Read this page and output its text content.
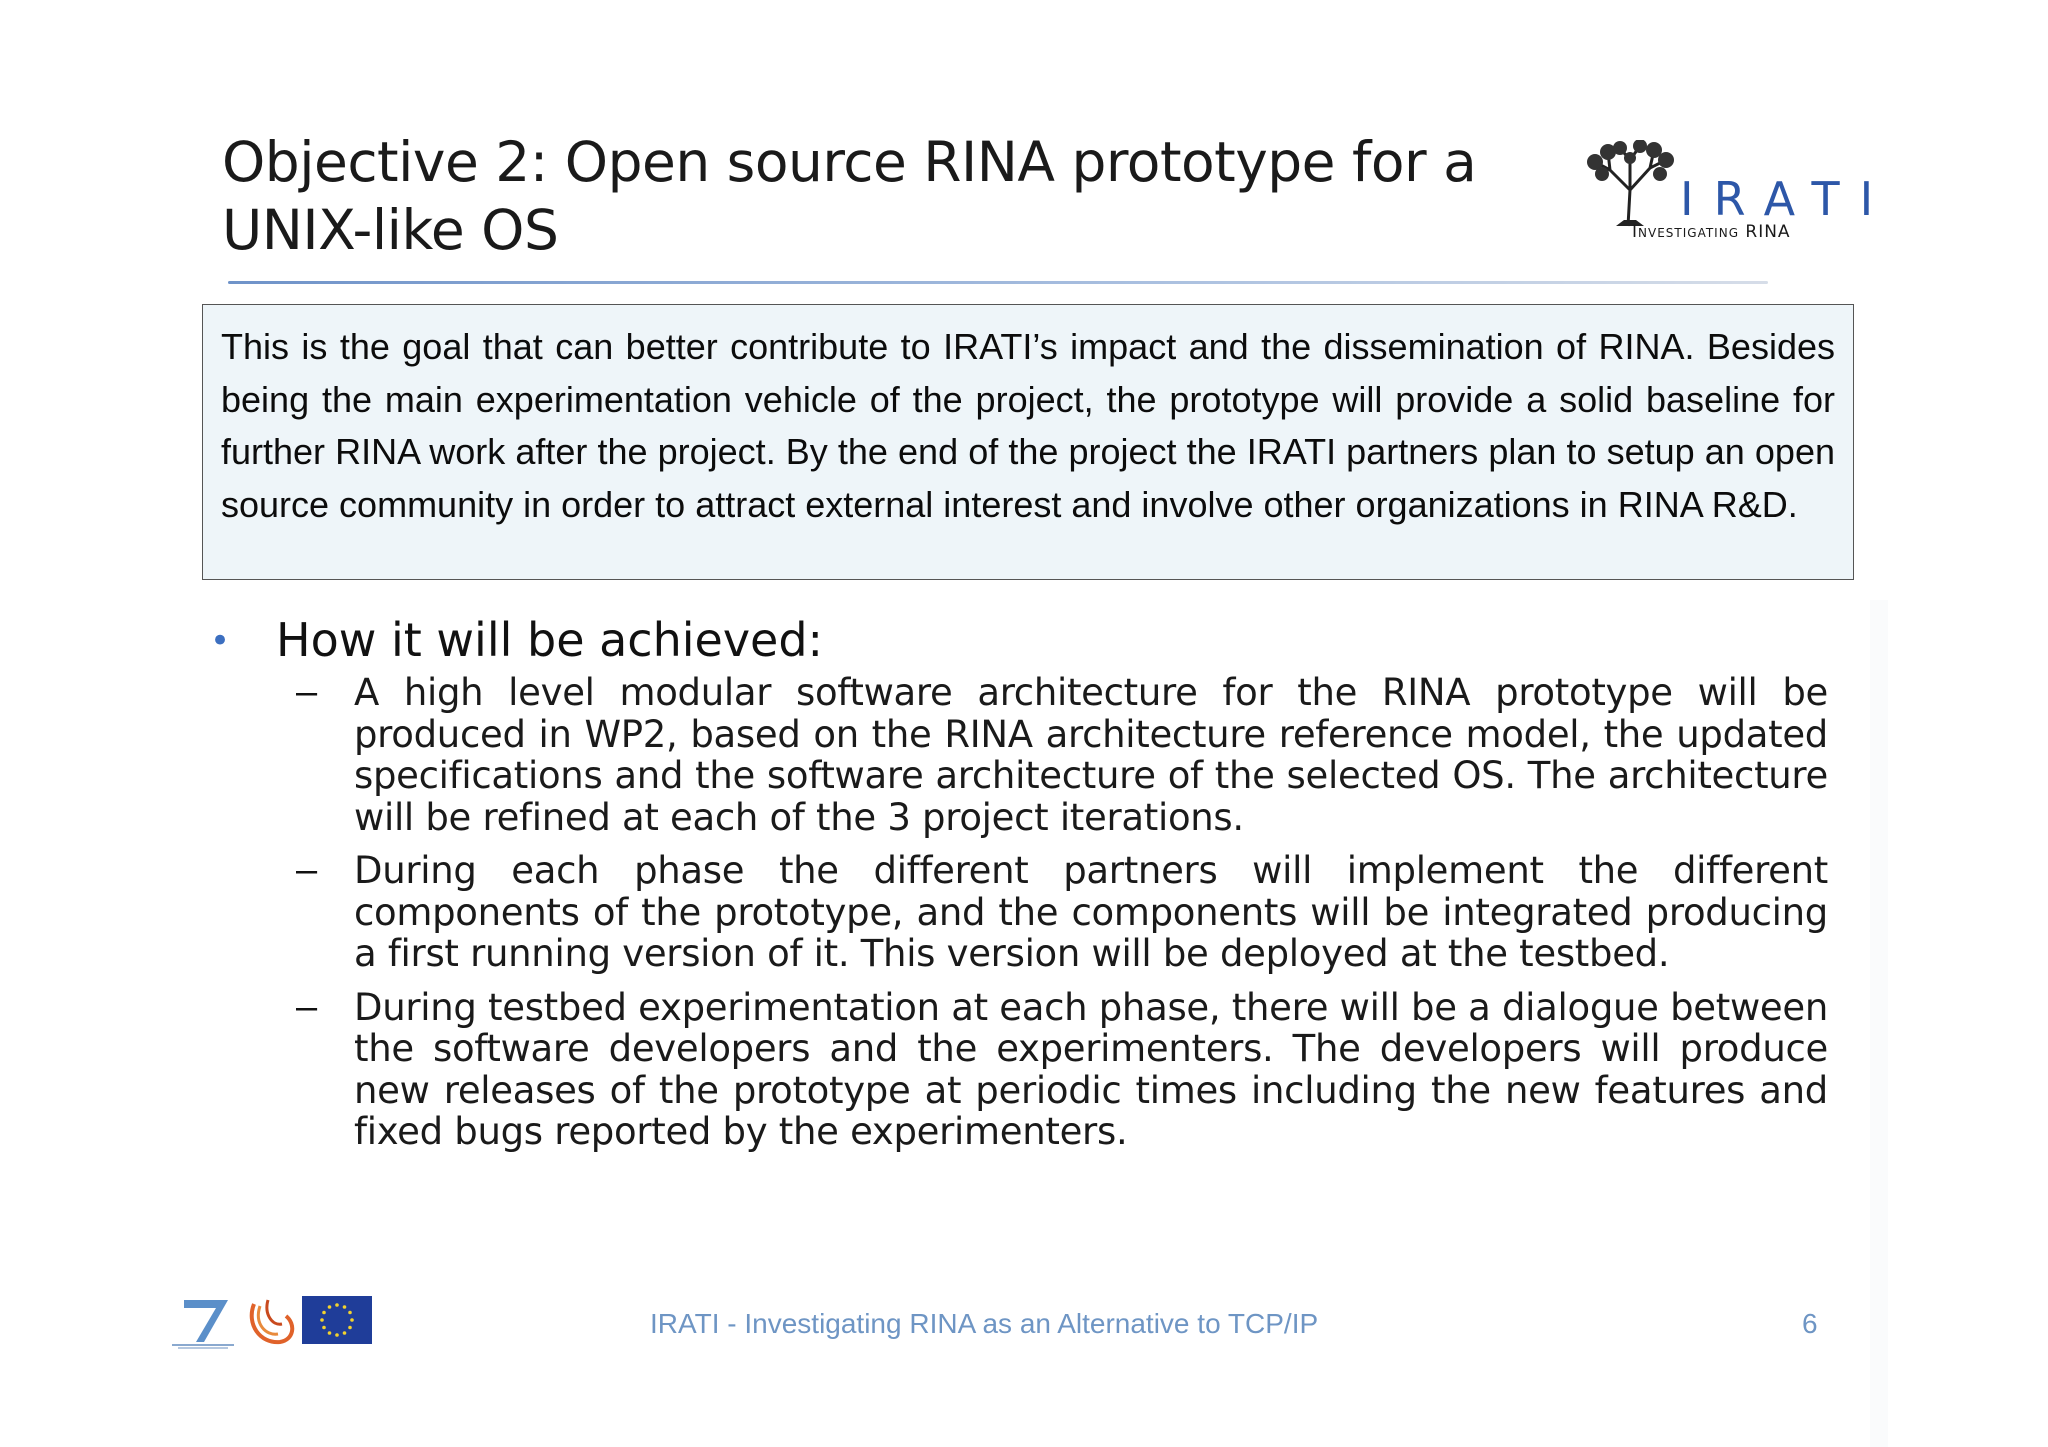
Objective 2: Open source RINA prototype for a
UNIX-like OS	IRATI
Investigating RINA
This is the goal that can better contribute to IRATI’s impact and the dissemination of RINA. Besides being the main experimentation vehicle of the project, the prototype will provide a solid baseline for further RINA work after the project. By the end of the project the IRATI partners plan to setup an open source community in order to attract external interest and involve other organizations in RINA R&D.
• How it will be achieved:
– A high level modular software architecture for the RINA prototype will be produced in WP2, based on the RINA architecture reference model, the updated specifications and the software architecture of the selected OS. The architecture will be refined at each of the 3 project iterations.
– During each phase the different partners will implement the different components of the prototype, and the components will be integrated producing a first running version of it. This version will be deployed at the testbed.
– During testbed experimentation at each phase, there will be a dialogue between the software developers and the experimenters. The developers will produce new releases of the prototype at periodic times including the new features and fixed bugs reported by the experimenters.
IRATI - Investigating RINA as an Alternative to TCP/IP	6
